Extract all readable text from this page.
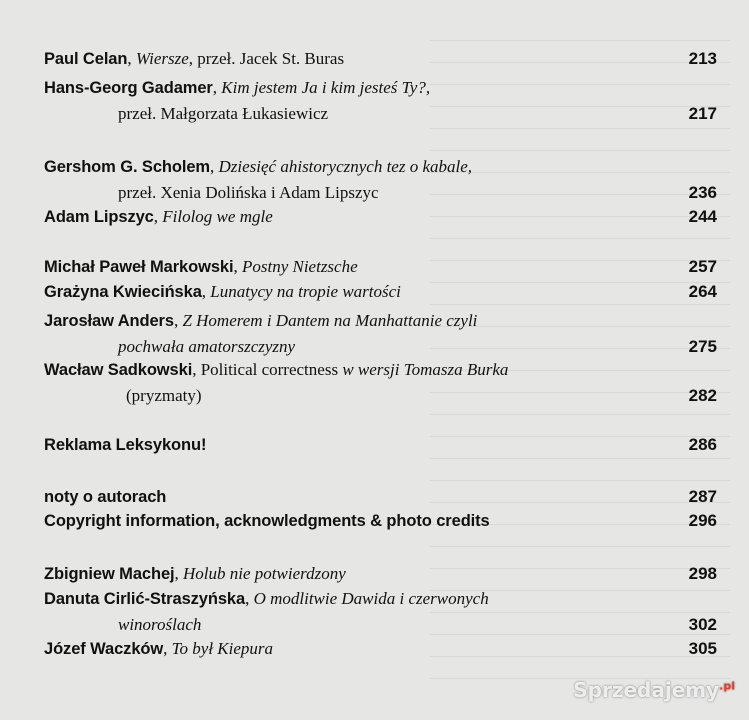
Paul Celan, Wiersze, przeł. Jacek St. Buras	213
Hans-Georg Gadamer, Kim jestem Ja i kim jesteś Ty?,
przeł. Małgorzata Łukasiewicz	217
Gershom G. Scholem, Dziesięć ahistorycznych tez o kabale,
przeł. Xenia Dolińska i Adam Lipszyc	236
Adam Lipszyc, Filolog we mgle	244
Michał Paweł Markowski, Postny Nietzsche	257
Grażyna Kwiecińska, Lunatycy na tropie wartości	264
Jarosław Anders, Z Homerem i Dantem na Manhattanie czyli
pochwała amatorszczyzny	275
Wacław Sadkowski, Political correctness w wersji Tomasza Burka
(pryzmaty)	282
Reklama Leksykonu!	286
noty o autorach	287
Copyright information, acknowledgments & photo credits	296
Zbigniew Machej, Holub nie potwierdzony	298
Danuta Cirlić-Straszyńska, O modlitwie Dawida i czerwonych
winoroślach	302
Józef Waczków, To był Kiepura	305
Sprzedajemy$^{.pl}$
